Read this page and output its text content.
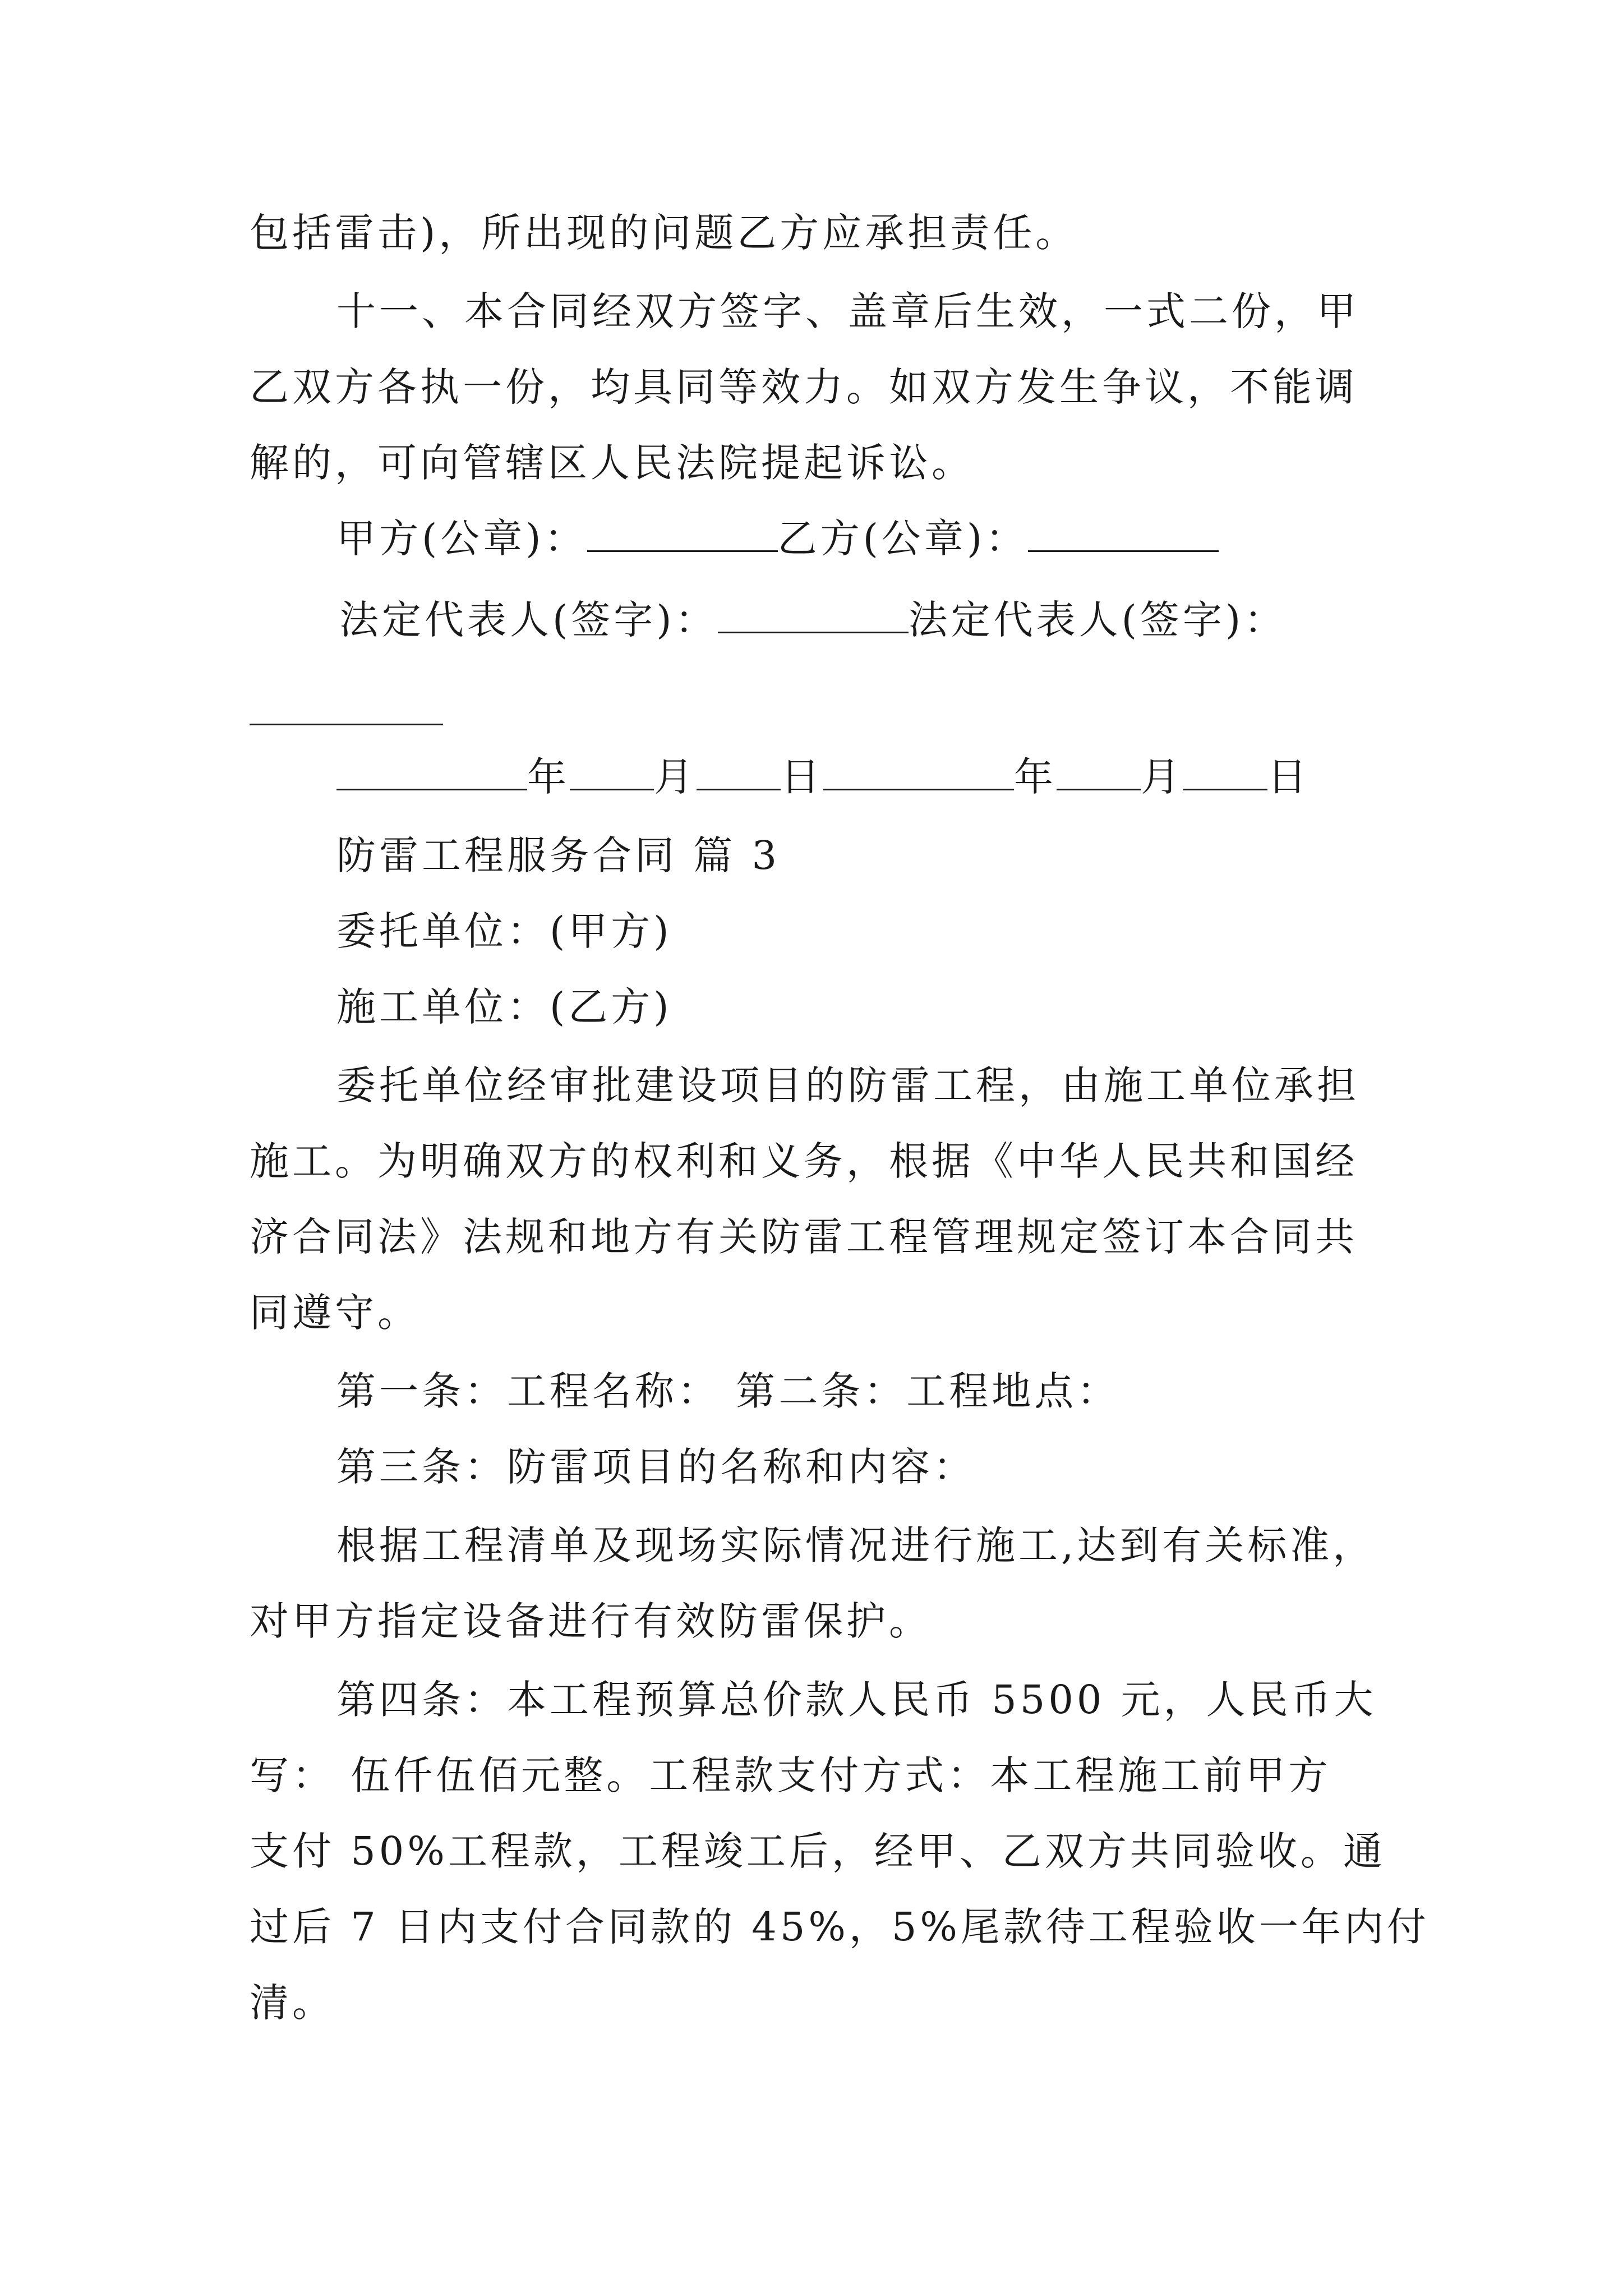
包括雷击)，所出现的问题乙方应承担责任。
十一、本合同经双方签字、盖章后生效，一式二份，甲
乙双方各执一份，均具同等效力。如双方发生争议，不能调
解的，可向管辖区人民法院提起诉讼。
甲方(公章)：	乙方(公章)：
法定代表人(签字)：	法定代表人(签字)：
年 月 日	年 月 日
防雷工程服务合同 篇 3
委托单位：(甲方)
施工单位：(乙方)
委托单位经审批建设项目的防雷工程，由施工单位承担
施工。为明确双方的权利和义务，根据《中华人民共和国经
济合同法》法规和地方有关防雷工程管理规定签订本合同共
同遵守。
第一条：工程名称： 第二条：工程地点：
第三条：防雷项目的名称和内容：
根据工程清单及现场实际情况进行施工,达到有关标准，
对甲方指定设备进行有效防雷保护。
第四条：本工程预算总价款人民币 5500 元，人民币大
写： 伍仟伍佰元整。工程款支付方式：本工程施工前甲方
支付 50%工程款，工程竣工后，经甲、乙双方共同验收。通
过后 7 日内支付合同款的 45%，5%尾款待工程验收一年内付
清。
